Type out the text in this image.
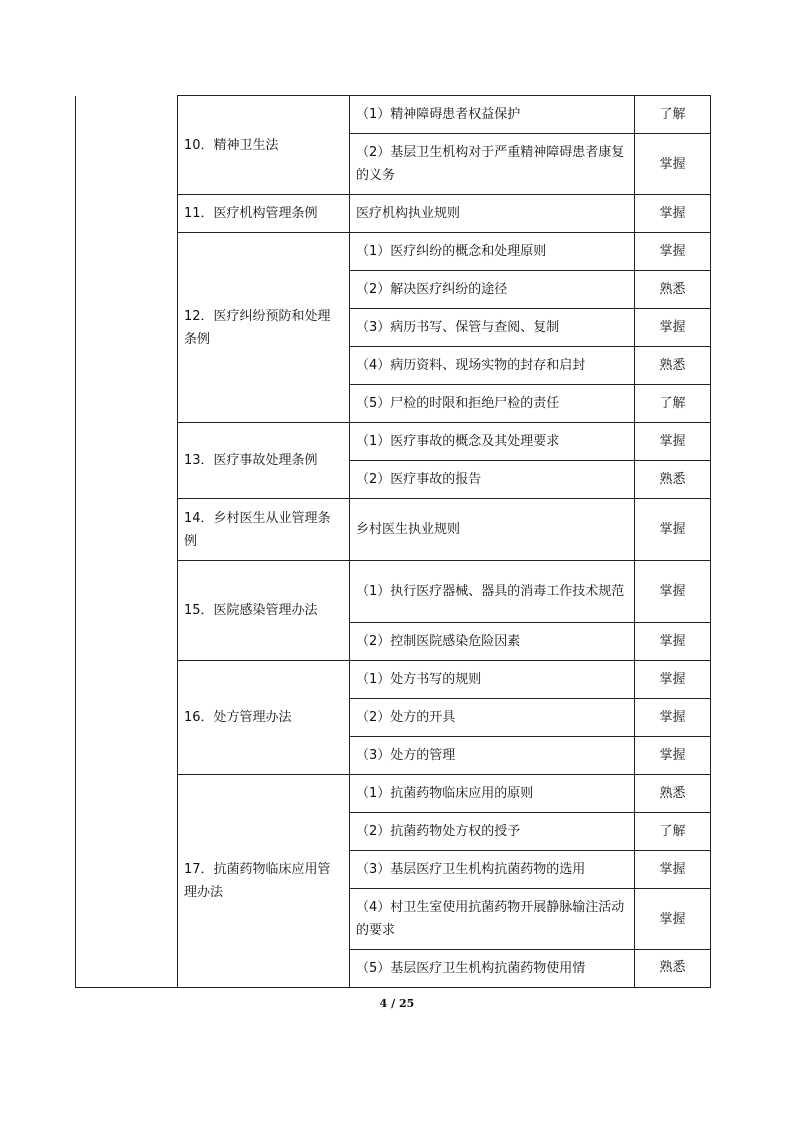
	10．精神卫生法	（1）精神障碍患者权益保护	了解
		（2）基层卫生机构对于严重精神障碍患者康复的义务	掌握
	11．医疗机构管理条例	医疗机构执业规则	掌握
	12．医疗纠纷预防和处理条例	（1）医疗纠纷的概念和处理原则	掌握
		（2）解决医疗纠纷的途径	熟悉
		（3）病历书写、保管与查阅、复制	掌握
		（4）病历资料、现场实物的封存和启封	熟悉
		（5）尸检的时限和拒绝尸检的责任	了解
	13．医疗事故处理条例	（1）医疗事故的概念及其处理要求	掌握
		（2）医疗事故的报告	熟悉
	14．乡村医生从业管理条例	乡村医生执业规则	掌握
	15．医院感染管理办法	（1）执行医疗器械、器具的消毒工作技术规范	掌握
		（2）控制医院感染危险因素	掌握
	16．处方管理办法	（1）处方书写的规则	掌握
		（2）处方的开具	掌握
		（3）处方的管理	掌握
	17．抗菌药物临床应用管理办法	（1）抗菌药物临床应用的原则	熟悉
		（2）抗菌药物处方权的授予	了解
		（3）基层医疗卫生机构抗菌药物的选用	掌握
		（4）村卫生室使用抗菌药物开展静脉输注活动的要求	掌握
		（5）基层医疗卫生机构抗菌药物使用情	熟悉
4 / 25
